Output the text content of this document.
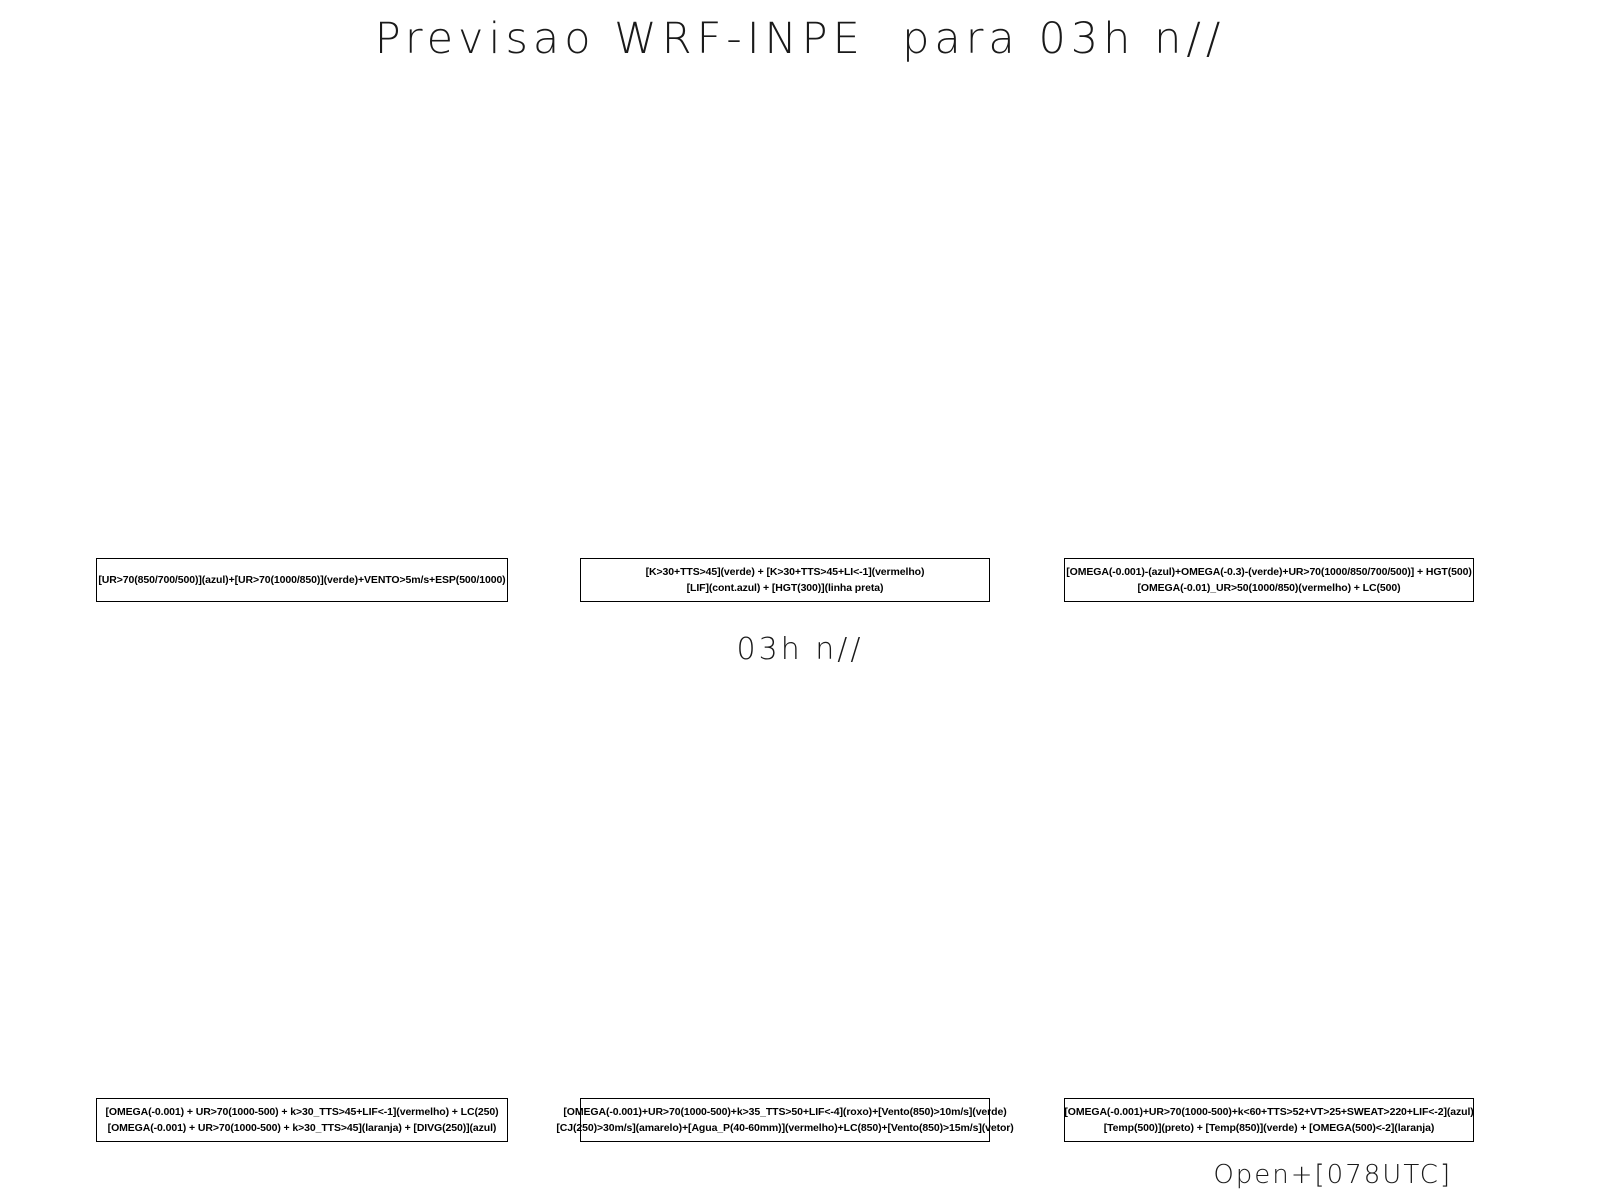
Previsao WRF-INPE  para 03h n//
[UR>70(850/700/500)](azul)+[UR>70(1000/850)](verde)+VENTO>5m/s+ESP(500/1000)
[K>30+TTS>45](verde) + [K>30+TTS>45+LI<-1](vermelho)
[LIF](cont.azul) + [HGT(300)](linha preta)
[OMEGA(-0.001)-(azul)+OMEGA(-0.3)-(verde)+UR>70(1000/850/700/500)] + HGT(500)
[OMEGA(-0.01)_UR>50(1000/850)(vermelho) + LC(500)
03h n//
[OMEGA(-0.001) + UR>70(1000-500) + k>30_TTS>45+LIF<-1](vermelho) + LC(250)
[OMEGA(-0.001) + UR>70(1000-500) + k>30_TTS>45](laranja) + [DIVG(250)](azul)
[OMEGA(-0.001)+UR>70(1000-500)+k>35_TTS>50+LIF<-4](roxo)+[Vento(850)>10m/s](verde)
[CJ(250)>30m/s](amarelo)+[Agua_P(40-60mm)](vermelho)+LC(850)+[Vento(850)>15m/s](vetor)
[OMEGA(-0.001)+UR>70(1000-500)+k<60+TTS>52+VT>25+SWEAT>220+LIF<-2](azul)
[Temp(500)](preto) + [Temp(850)](verde) + [OMEGA(500)<-2](laranja)
Open+[078UTC]
